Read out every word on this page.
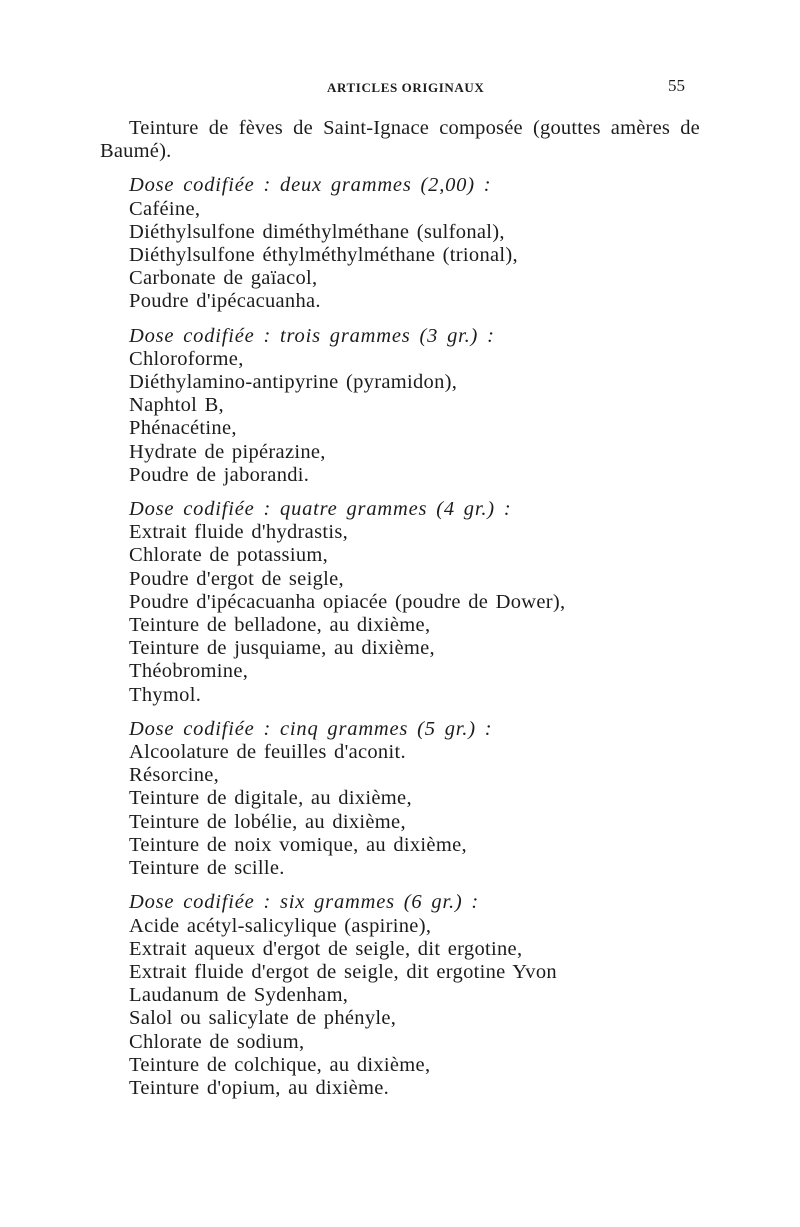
ARTICLES ORIGINAUX	55

Teinture de fèves de Saint-Ignace composée (gouttes amères de Baumé).

Dose codifiée : deux grammes (2,00) :
Caféine,
Diéthylsulfone diméthylméthane (sulfonal),
Diéthylsulfone éthylméthylméthane (trional),
Carbonate de gaïacol,
Poudre d'ipécacuanha.
Dose codifiée : trois grammes (3 gr.) :
Chloroforme,
Diéthylamino-antipyrine (pyramidon),
Naphtol B,
Phénacétine,
Hydrate de pipérazine,
Poudre de jaborandi.
Dose codifiée : quatre grammes (4 gr.) :
Extrait fluide d'hydrastis,
Chlorate de potassium,
Poudre d'ergot de seigle,
Poudre d'ipécacuanha opiacée (poudre de Dower),
Teinture de belladone, au dixième,
Teinture de jusquiame, au dixième,
Théobromine,
Thymol.
Dose codifiée : cinq grammes (5 gr.) :
Alcoolature de feuilles d'aconit.
Résorcine,
Teinture de digitale, au dixième,
Teinture de lobélie, au dixième,
Teinture de noix vomique, au dixième,
Teinture de scille.
Dose codifiée : six grammes (6 gr.) :
Acide acétyl-salicylique (aspirine),
Extrait aqueux d'ergot de seigle, dit ergotine,
Extrait fluide d'ergot de seigle, dit ergotine Yvon
Laudanum de Sydenham,
Salol ou salicylate de phényle,
Chlorate de sodium,
Teinture de colchique, au dixième,
Teinture d'opium, au dixième.
